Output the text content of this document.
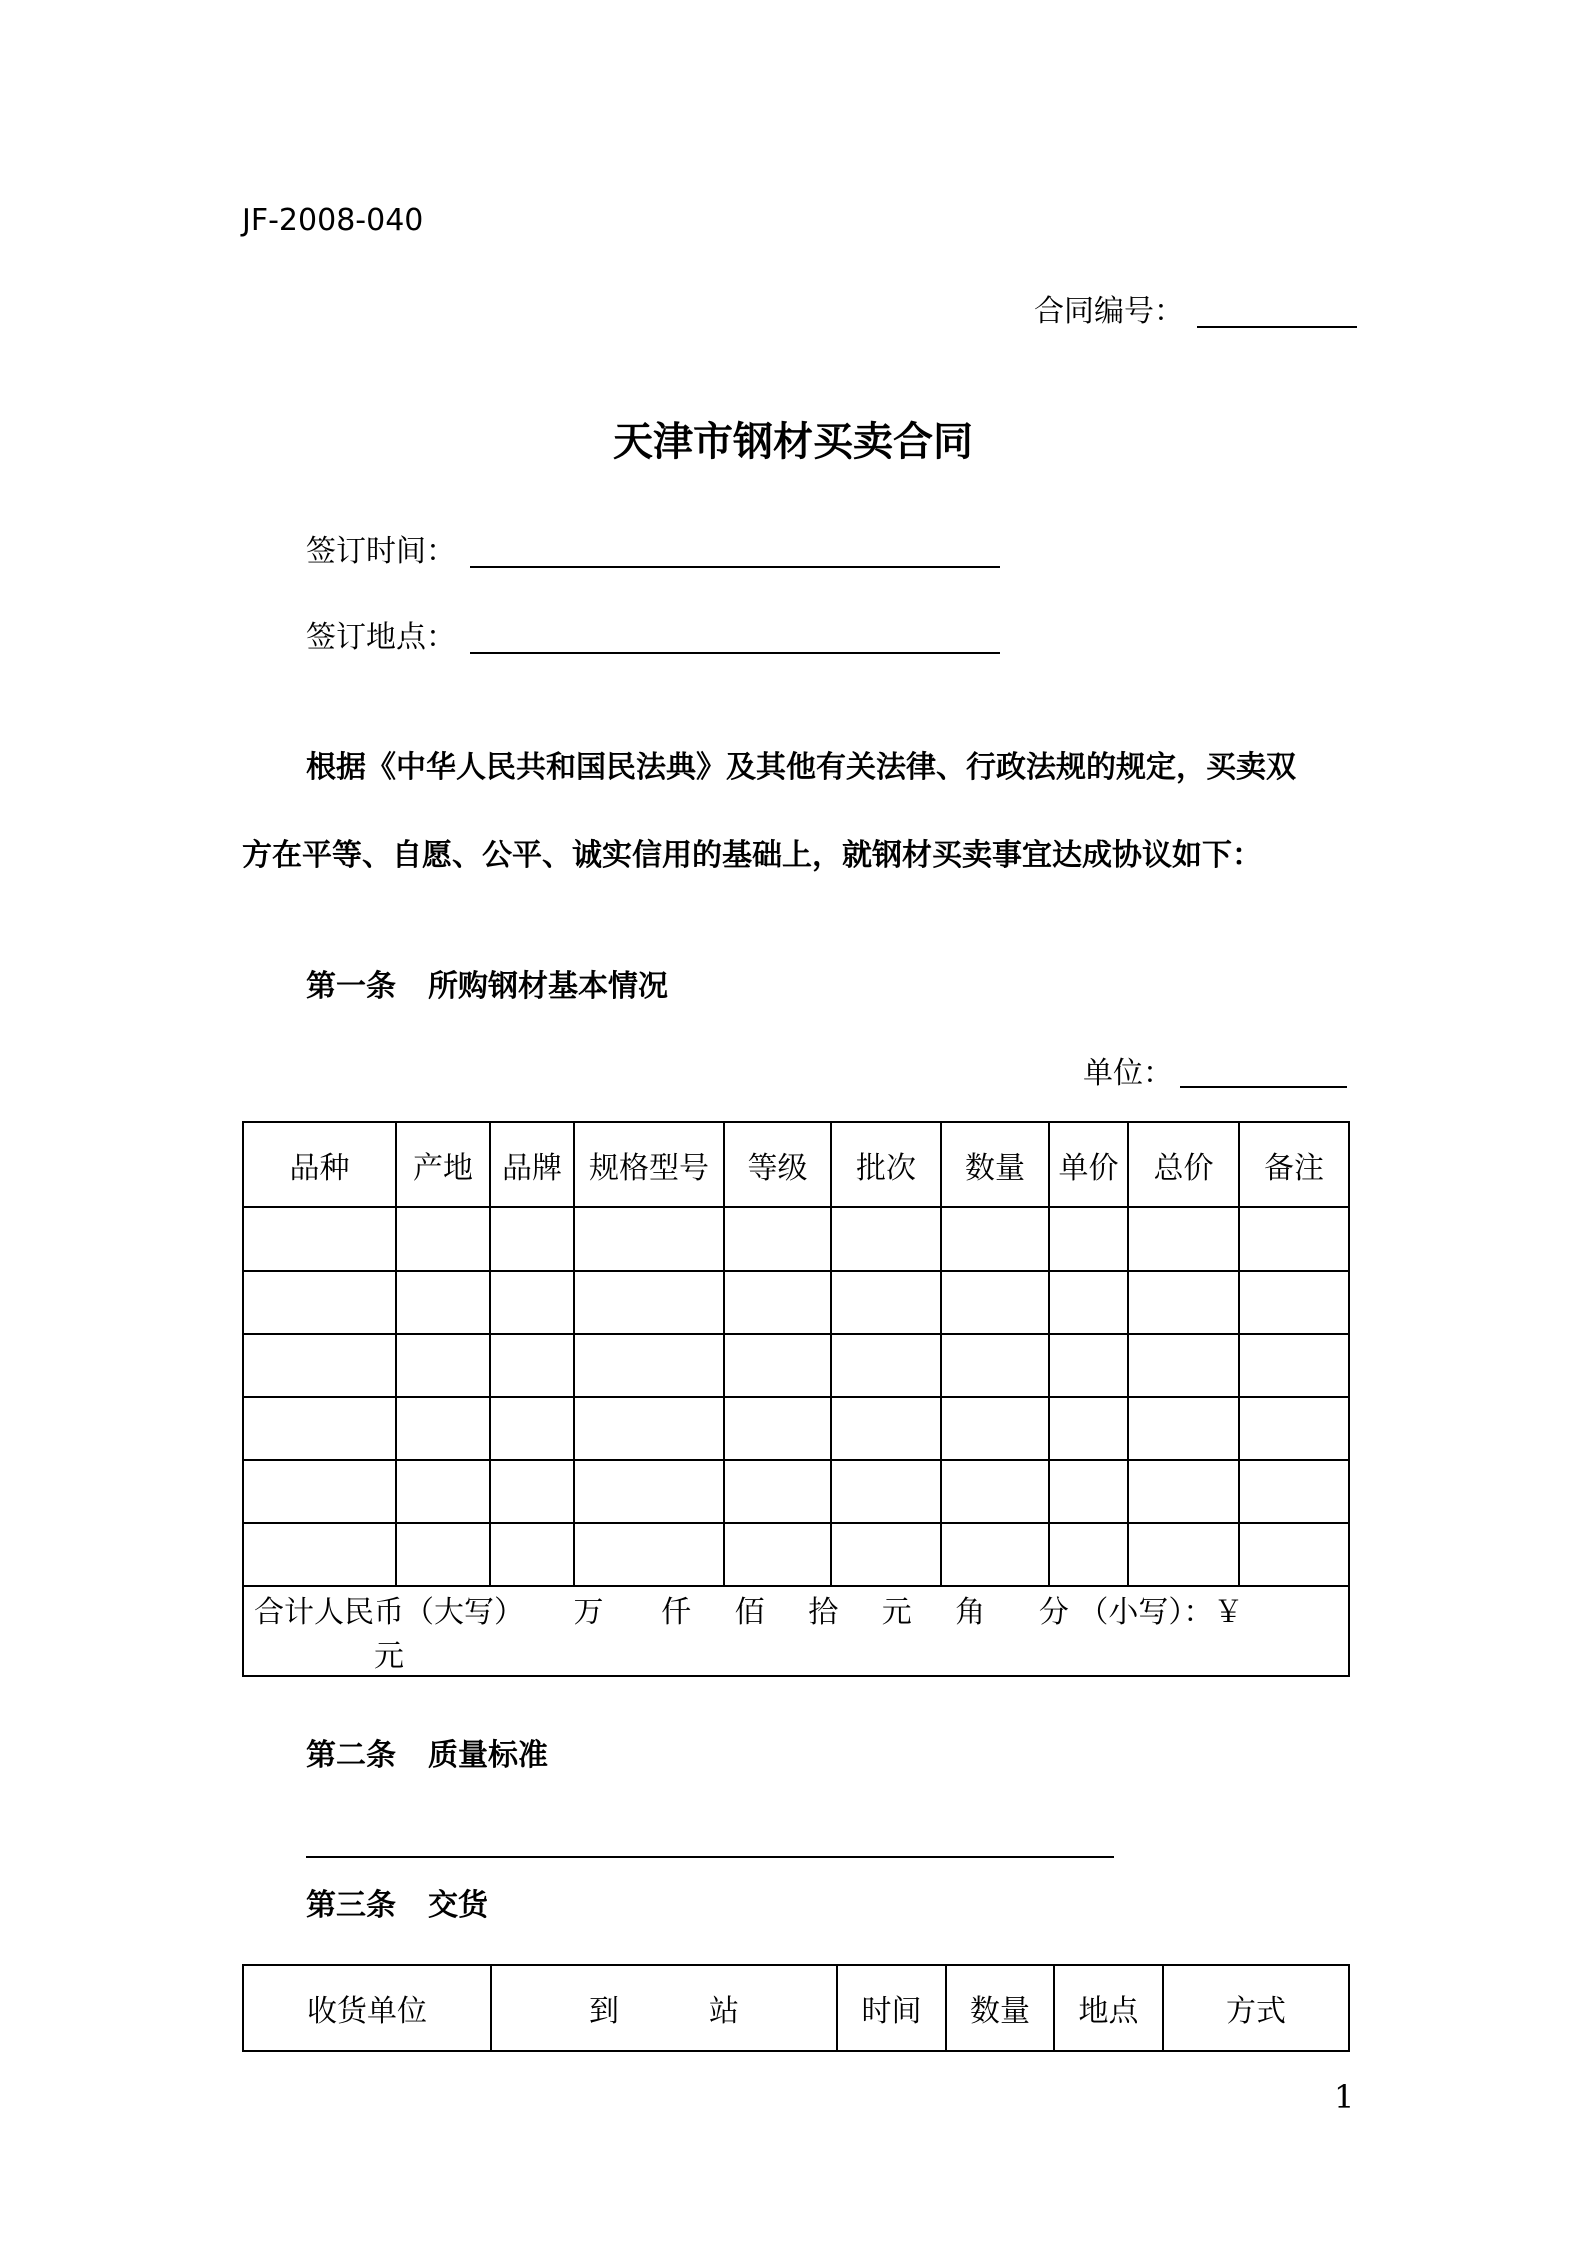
JF-2008-040
合同编号：
天津市钢材买卖合同
签订时间：
签订地点：
根据《中华人民共和国民法典》及其他有关法律、行政法规的规定，买卖双
方在平等、自愿、公平、诚实信用的基础上，就钢材买卖事宜达成协议如下：
第一条 所购钢材基本情况
单位：
品种	产地	品牌	规格型号	等级	批次	数量	单价	总价	备注

合计人民币（大写） 万 仟 佰 拾 元 角 分 （小写）：￥ 元									
第二条 质量标准
第三条 交货
收货单位	到　　　站	时间	数量	地点	方式
1
